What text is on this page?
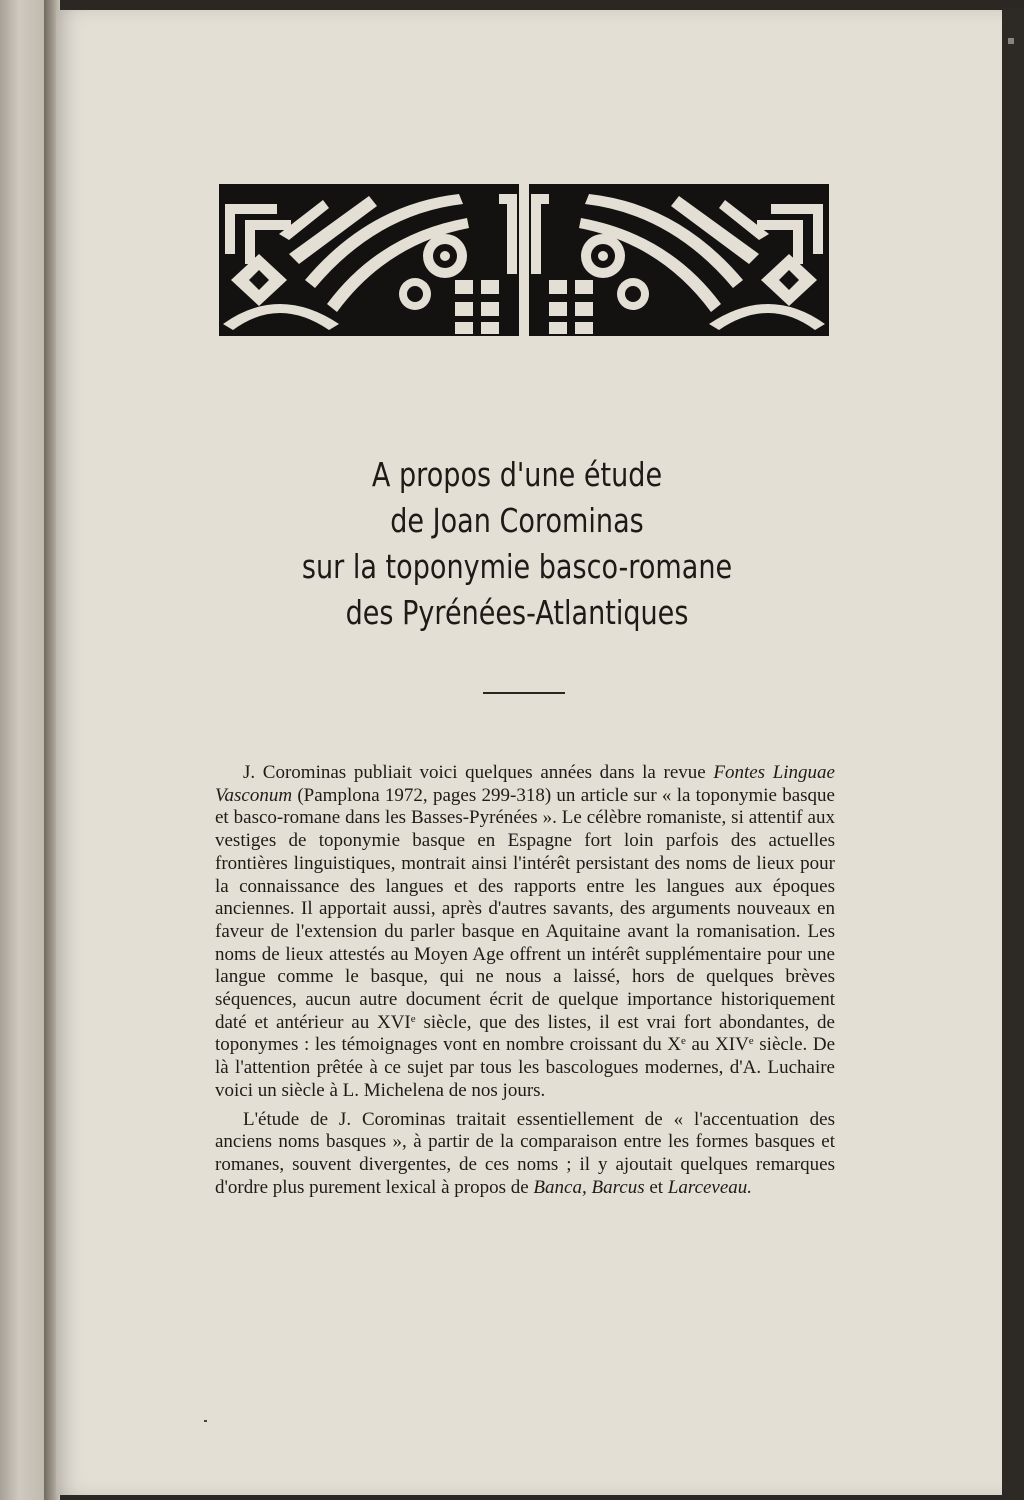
A propos d'une étude
de Joan Corominas
sur la toponymie basco-romane
des Pyrénées-Atlantiques

J. Corominas publiait voici quelques années dans la revue Fontes Linguae Vasconum (Pamplona 1972, pages 299-318) un article sur « la toponymie basque et basco-romane dans les Basses-Pyrénées ». Le célèbre romaniste, si attentif aux vestiges de toponymie basque en Espagne fort loin parfois des actuelles frontières linguistiques, montrait ainsi l'intérêt persistant des noms de lieux pour la connaissance des langues et des rapports entre les langues aux époques anciennes. Il apportait aussi, après d'autres savants, des arguments nouveaux en faveur de l'extension du parler basque en Aquitaine avant la romanisation. Les noms de lieux attestés au Moyen Age offrent un intérêt supplémentaire pour une langue comme le basque, qui ne nous a laissé, hors de quelques brèves séquences, aucun autre document écrit de quelque importance historiquement daté et antérieur au XVIe siècle, que des listes, il est vrai fort abondantes, de toponymes : les témoignages vont en nombre croissant du Xe au XIVe siècle. De là l'attention prêtée à ce sujet par tous les bascologues modernes, d'A. Luchaire voici un siècle à L. Michelena de nos jours.

L'étude de J. Corominas traitait essentiellement de « l'accentuation des anciens noms basques », à partir de la comparaison entre les formes basques et romanes, souvent divergentes, de ces noms ; il y ajoutait quelques remarques d'ordre plus purement lexical à propos de Banca, Barcus et Larceveau.
